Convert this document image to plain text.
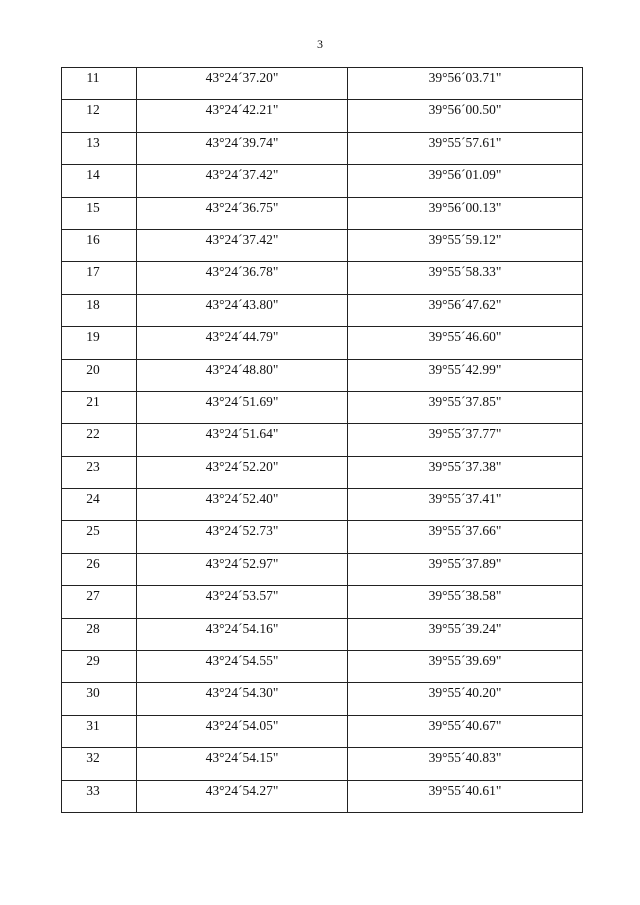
3
11	43°24´37.20"	39°56´03.71"
12	43°24´42.21"	39°56´00.50"
13	43°24´39.74"	39°55´57.61"
14	43°24´37.42"	39°56´01.09"
15	43°24´36.75"	39°56´00.13"
16	43°24´37.42"	39°55´59.12"
17	43°24´36.78"	39°55´58.33"
18	43°24´43.80"	39°56´47.62"
19	43°24´44.79"	39°55´46.60"
20	43°24´48.80"	39°55´42.99"
21	43°24´51.69"	39°55´37.85"
22	43°24´51.64"	39°55´37.77"
23	43°24´52.20"	39°55´37.38"
24	43°24´52.40"	39°55´37.41"
25	43°24´52.73"	39°55´37.66"
26	43°24´52.97"	39°55´37.89"
27	43°24´53.57"	39°55´38.58"
28	43°24´54.16"	39°55´39.24"
29	43°24´54.55"	39°55´39.69"
30	43°24´54.30"	39°55´40.20"
31	43°24´54.05"	39°55´40.67"
32	43°24´54.15"	39°55´40.83"
33	43°24´54.27"	39°55´40.61"
